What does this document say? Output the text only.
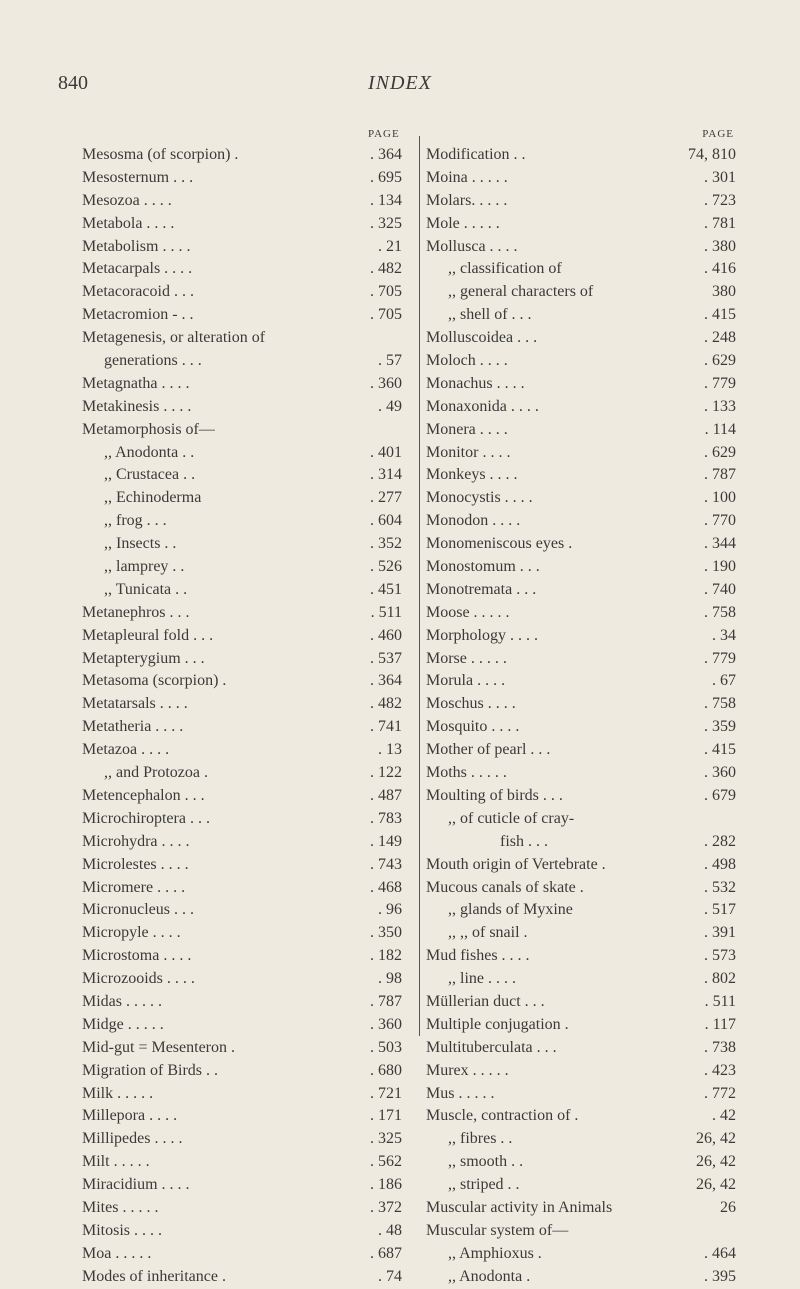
840	INDEX
PAGE
Mesosma (of scorpion) .	. 364
Mesosternum . . .	. 695
Mesozoa . . . .	. 134
Metabola . . . .	. 325
Metabolism . . . .	. 21
Metacarpals . . . .	. 482
Metacoracoid . . .	. 705
Metacromion - . .	. 705
Metagenesis, or alteration of
generations . . .	. 57
Metagnatha . . . .	. 360
Metakinesis . . . .	. 49
Metamorphosis of—
,, Anodonta . .	. 401
,, Crustacea . .	. 314
,, Echinoderma	. 277
,, frog . . .	. 604
,, Insects . .	. 352
,, lamprey . .	. 526
,, Tunicata . .	. 451
Metanephros . . .	. 511
Metapleural fold . . .	. 460
Metapterygium . . .	. 537
Metasoma (scorpion) .	. 364
Metatarsals . . . .	. 482
Metatheria . . . .	. 741
Metazoa . . . .	. 13
,, and Protozoa .	. 122
Metencephalon . . .	. 487
Microchiroptera . . .	. 783
Microhydra . . . .	. 149
Microlestes . . . .	. 743
Micromere . . . .	. 468
Micronucleus . . .	. 96
Micropyle . . . .	. 350
Microstoma . . . .	. 182
Microzooids . . . .	. 98
Midas . . . . .	. 787
Midge . . . . .	. 360
Mid-gut = Mesenteron .	. 503
Migration of Birds . .	. 680
Milk . . . . .	. 721
Millepora . . . .	. 171
Millipedes . . . .	. 325
Milt . . . . .	. 562
Miracidium . . . .	. 186
Mites . . . . .	. 372
Mitosis . . . .	. 48
Moa . . . . .	. 687
Modes of inheritance .	. 74
PAGE
Modification . .	74, 810
Moina . . . . .	. 301
Molars. . . . .	. 723
Mole . . . . .	. 781
Mollusca . . . .	. 380
,, classification of	. 416
,, general characters of	380
,, shell of . . .	. 415
Molluscoidea . . .	. 248
Moloch . . . .	. 629
Monachus . . . .	. 779
Monaxonida . . . .	. 133
Monera . . . .	. 114
Monitor . . . .	. 629
Monkeys . . . .	. 787
Monocystis . . . .	. 100
Monodon . . . .	. 770
Monomeniscous eyes .	. 344
Monostomum . . .	. 190
Monotremata . . .	. 740
Moose . . . . .	. 758
Morphology . . . .	. 34
Morse . . . . .	. 779
Morula . . . .	. 67
Moschus . . . .	. 758
Mosquito . . . .	. 359
Mother of pearl . . .	. 415
Moths . . . . .	. 360
Moulting of birds . . .	. 679
,, of cuticle of cray-
fish . . .	. 282
Mouth origin of Vertebrate .	. 498
Mucous canals of skate .	. 532
,, glands of Myxine	. 517
,, ,, of snail .	. 391
Mud fishes . . . .	. 573
,, line . . . .	. 802
Müllerian duct . . .	. 511
Multiple conjugation .	. 117
Multituberculata . . .	. 738
Murex . . . . .	. 423
Mus . . . . .	. 772
Muscle, contraction of .	. 42
,, fibres . .	26, 42
,, smooth . .	26, 42
,, striped . .	26, 42
Muscular activity in Animals	26
Muscular system of—
,, Amphioxus .	. 464
,, Anodonta .	. 395
